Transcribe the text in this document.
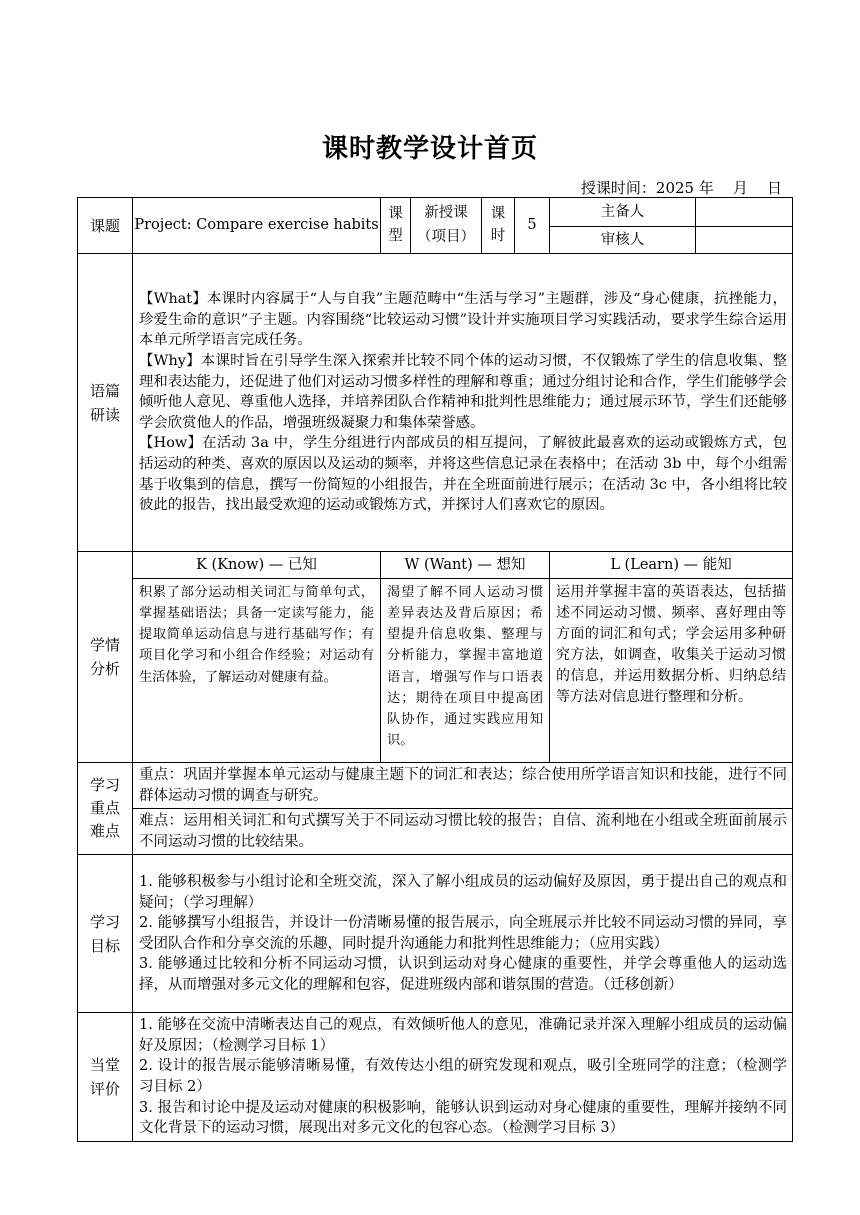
课时教学设计首页
授课时间：2025 年    月    日
课题	Project: Compare exercise habits	课型	新授课（项目）	课时	5	主备人	
						审核人	
语篇研读	【What】本课时内容属于“人与自我”主题范畴中“生活与学习”主题群，涉及“身心健康，抗挫能力，珍爱生命的意识”子主题。内容围绕“比较运动习惯”设计并实施项目学习实践活动，要求学生综合运用本单元所学语言完成任务。

【Why】本课时旨在引导学生深入探索并比较不同个体的运动习惯，不仅锻炼了学生的信息收集、整理和表达能力，还促进了他们对运动习惯多样性的理解和尊重；通过分组讨论和合作，学生们能够学会倾听他人意见、尊重他人选择，并培养团队合作精神和批判性思维能力；通过展示环节，学生们还能够学会欣赏他人的作品，增强班级凝聚力和集体荣誉感。

【How】在活动 3a 中，学生分组进行内部成员的相互提问，了解彼此最喜欢的运动或锻炼方式，包括运动的种类、喜欢的原因以及运动的频率，并将这些信息记录在表格中；在活动 3b 中，每个小组需基于收集到的信息，撰写一份简短的小组报告，并在全班面前进行展示；在活动 3c 中，各小组将比较彼此的报告，找出最受欢迎的运动或锻炼方式，并探讨人们喜欢它的原因。						

学情分析	K (Know) — 已知	W (Want) — 想知				L (Learn) — 能知	
	积累了部分运动相关词汇与简单句式，掌握基础语法；具备一定读写能力，能提取简单运动信息与进行基础写作；有项目化学习和小组合作经验；对运动有生活体验，了解运动对健康有益。	渴望了解不同人运动习惯差异表达及背后原因；希望提升信息收集、整理与分析能力，掌握丰富地道语言，增强写作与口语表达；期待在项目中提高团队协作，通过实践应用知识。				运用并掌握丰富的英语表达，包括描述不同运动习惯、频率、喜好理由等方面的词汇和句式；学会运用多种研究方法，如调查，收集关于运动习惯的信息，并运用数据分析、归纳总结等方法对信息进行整理和分析。	
学习重点难点	重点：巩固并掌握本单元运动与健康主题下的词汇和表达；综合使用所学语言知识和技能，进行不同群体运动习惯的调查与研究。						
	难点：运用相关词汇和句式撰写关于不同运动习惯比较的报告；自信、流利地在小组或全班面前展示不同运动习惯的比较结果。						
学习目标	1. 能够积极参与小组讨论和全班交流，深入了解小组成员的运动偏好及原因，勇于提出自己的观点和疑问；（学习理解）

2. 能够撰写小组报告，并设计一份清晰易懂的报告展示，向全班展示并比较不同运动习惯的异同，享受团队合作和分享交流的乐趣，同时提升沟通能力和批判性思维能力；（应用实践）

3. 能够通过比较和分析不同运动习惯，认识到运动对身心健康的重要性，并学会尊重他人的运动选择，从而增强对多元文化的理解和包容，促进班级内部和谐氛围的营造。（迁移创新）						

当堂评价	1. 能够在交流中清晰表达自己的观点，有效倾听他人的意见，准确记录并深入理解小组成员的运动偏好及原因；（检测学习目标 1）

2. 设计的报告展示能够清晰易懂，有效传达小组的研究发现和观点，吸引全班同学的注意；（检测学习目标 2）

3. 报告和讨论中提及运动对健康的积极影响，能够认识到运动对身心健康的重要性，理解并接纳不同文化背景下的运动习惯，展现出对多元文化的包容心态。（检测学习目标 3）						
